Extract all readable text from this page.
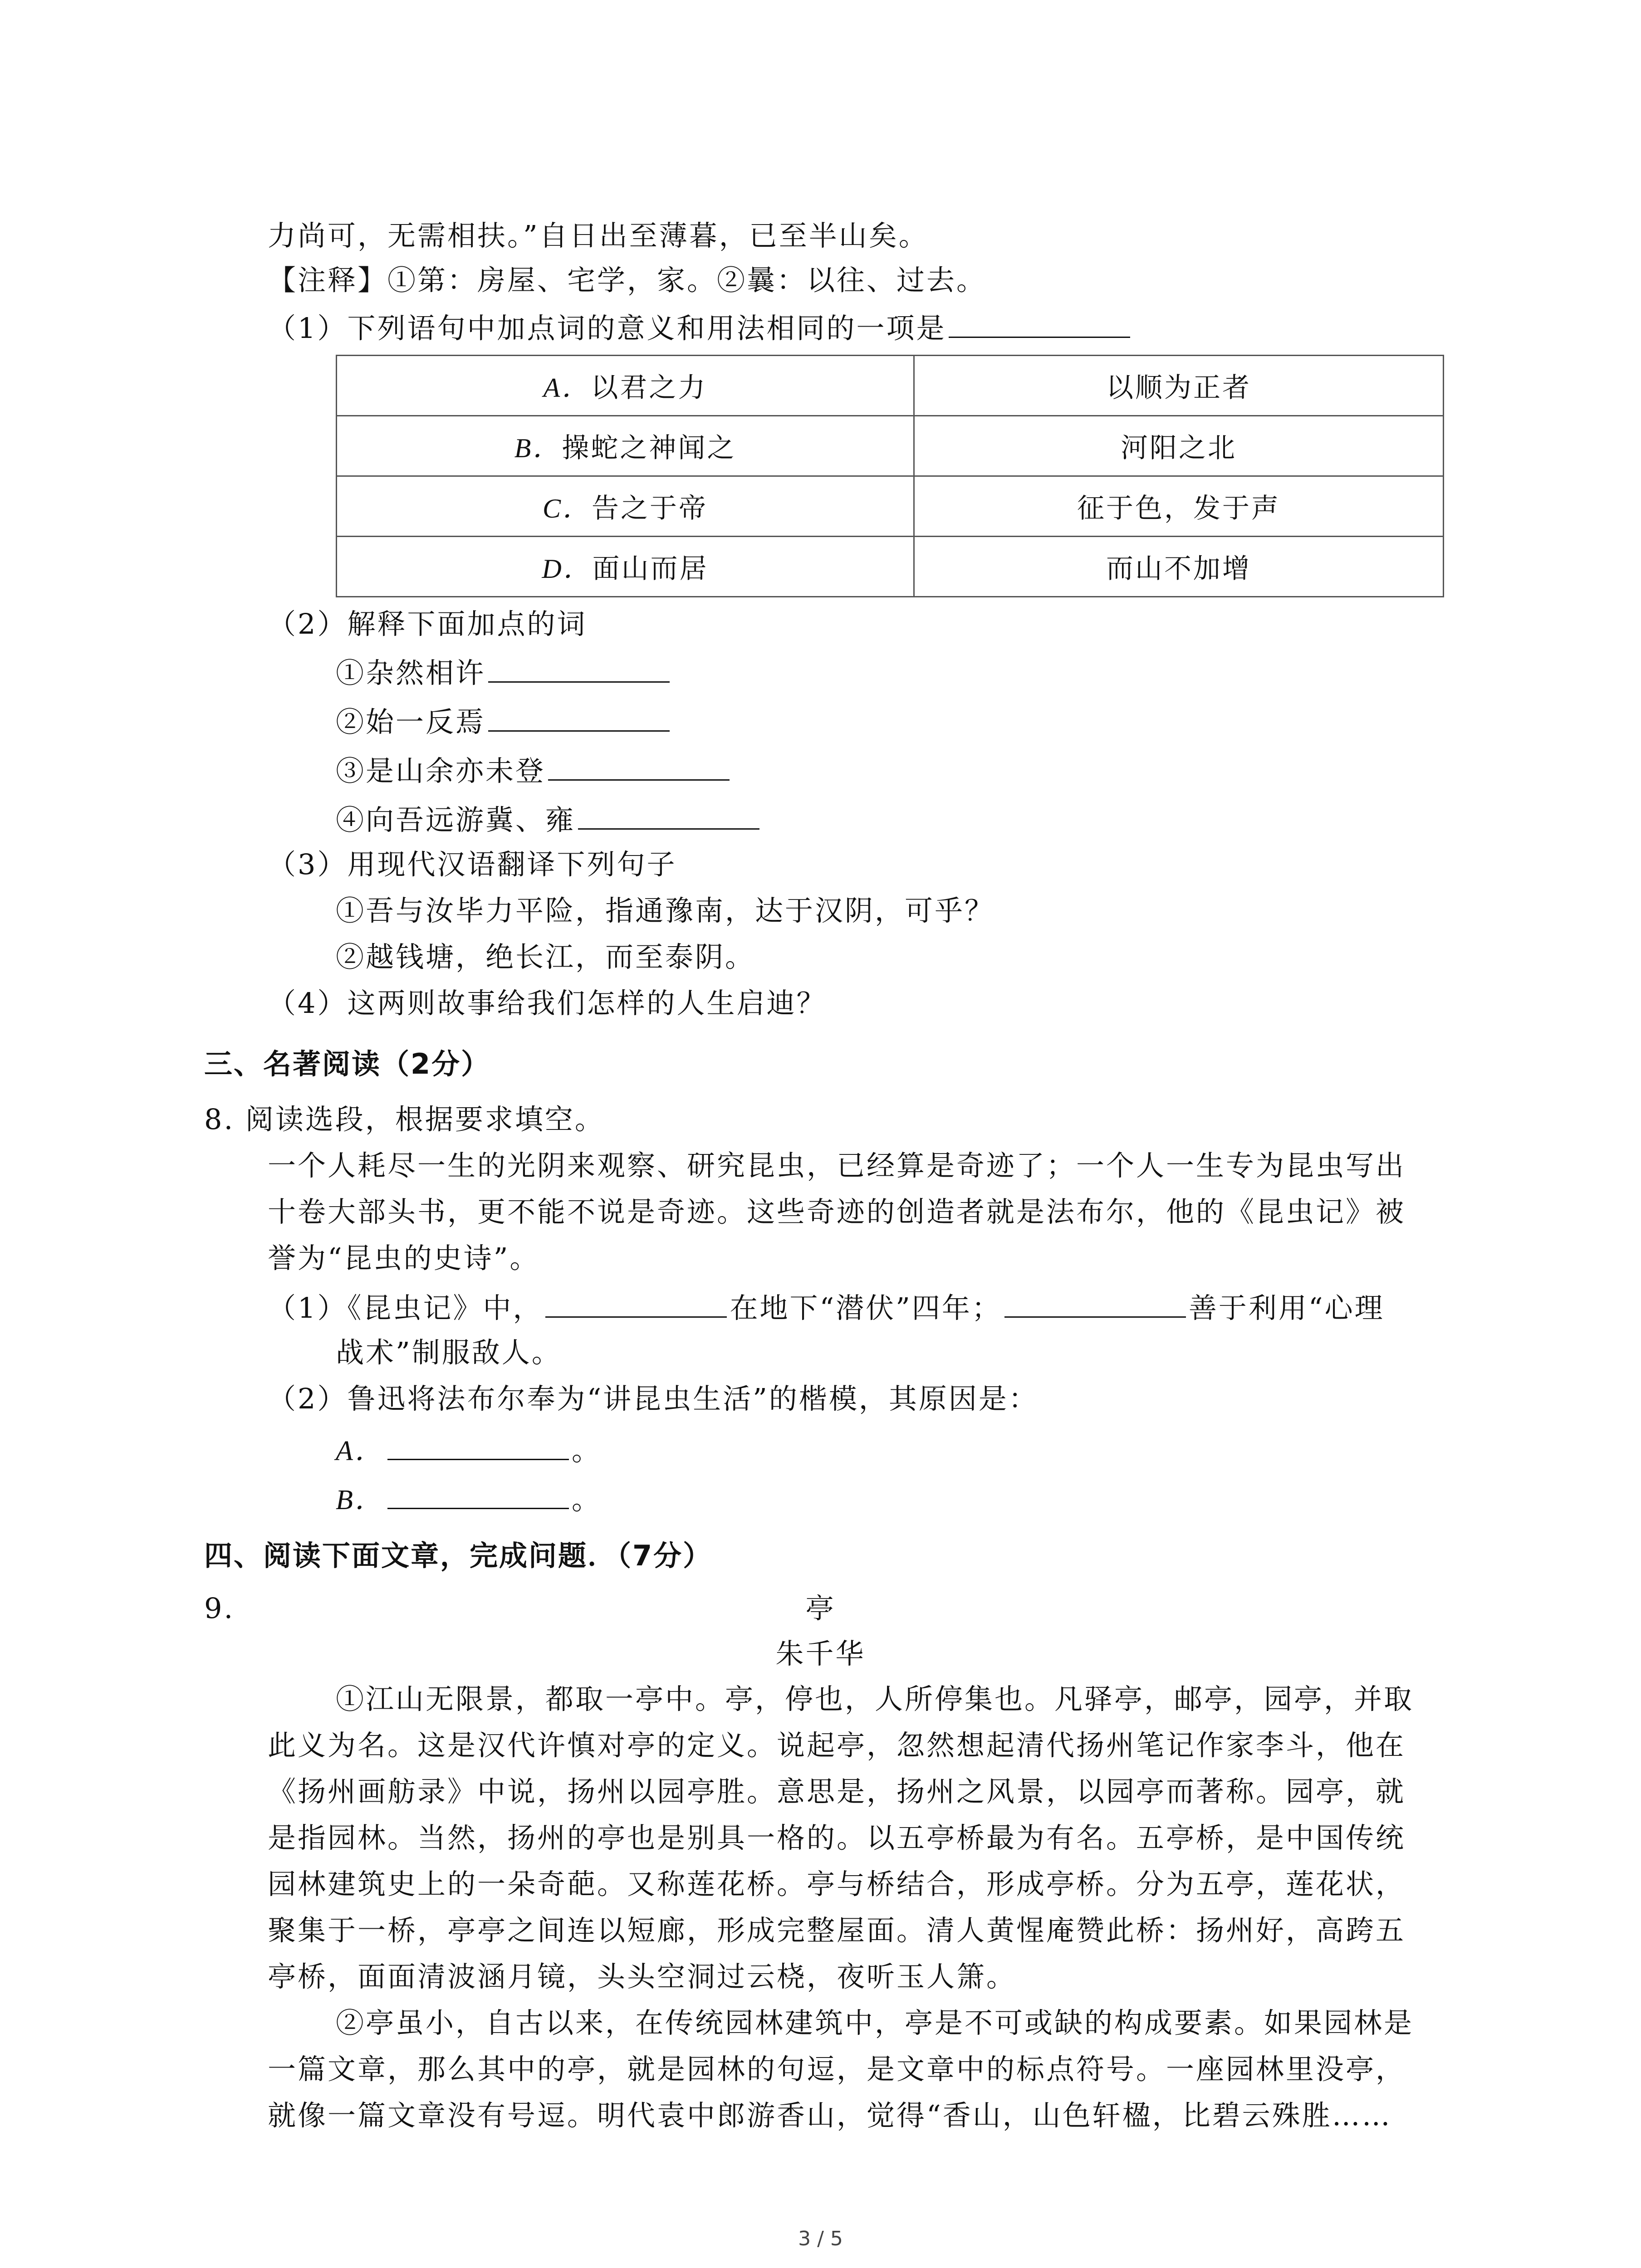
力尚可，无需相扶。”自日出至薄暮，已至半山矣。
【注释】①第：房屋、宅学，家。②曩：以往、过去。
（1）下列语句中加点词的意义和用法相同的一项是
A．以君之力	以顺为正者
B．操蛇之神闻之	河阳之北
C．告之于帝	征于色，发于声
D．面山而居	而山不加增
（2）解释下面加点的词
①杂然相许
②始一反焉
③是山余亦未登
④向吾远游冀、雍
（3）用现代汉语翻译下列句子
①吾与汝毕力平险，指通豫南，达于汉阴，可乎？
②越钱塘，绝长江，而至泰阴。
（4）这两则故事给我们怎样的人生启迪？
三、名著阅读（2分）
8. 阅读选段，根据要求填空。
一个人耗尽一生的光阴来观察、研究昆虫，已经算是奇迹了；一个人一生专为昆虫写出
十卷大部头书，更不能不说是奇迹。这些奇迹的创造者就是法布尔，他的《昆虫记》被
誉为“昆虫的史诗”。
（1）《昆虫记》中，	在地下“潜伏”四年；	善于利用“心理
战术”制服敌人。
（2）鲁迅将法布尔奉为“讲昆虫生活”的楷模，其原因是：
A．	。
B．	。
四、阅读下面文章，完成问题．（7分）
9.	亭
朱千华
①江山无限景，都取一亭中。亭，停也，人所停集也。凡驿亭，邮亭，园亭，并取
此义为名。这是汉代许慎对亭的定义。说起亭，忽然想起清代扬州笔记作家李斗，他在
《扬州画舫录》中说，扬州以园亭胜。意思是，扬州之风景，以园亭而著称。园亭，就
是指园林。当然，扬州的亭也是别具一格的。以五亭桥最为有名。五亭桥，是中国传统
园林建筑史上的一朵奇葩。又称莲花桥。亭与桥结合，形成亭桥。分为五亭，莲花状，
聚集于一桥，亭亭之间连以短廊，形成完整屋面。清人黄惺庵赞此桥：扬州好，高跨五
亭桥，面面清波涵月镜，头头空洞过云桡，夜听玉人箫。
②亭虽小，自古以来，在传统园林建筑中，亭是不可或缺的构成要素。如果园林是
一篇文章，那么其中的亭，就是园林的句逗，是文章中的标点符号。一座园林里没亭，
就像一篇文章没有号逗。明代袁中郎游香山，觉得“香山，山色轩楹，比碧云殊胜……
3 / 5
